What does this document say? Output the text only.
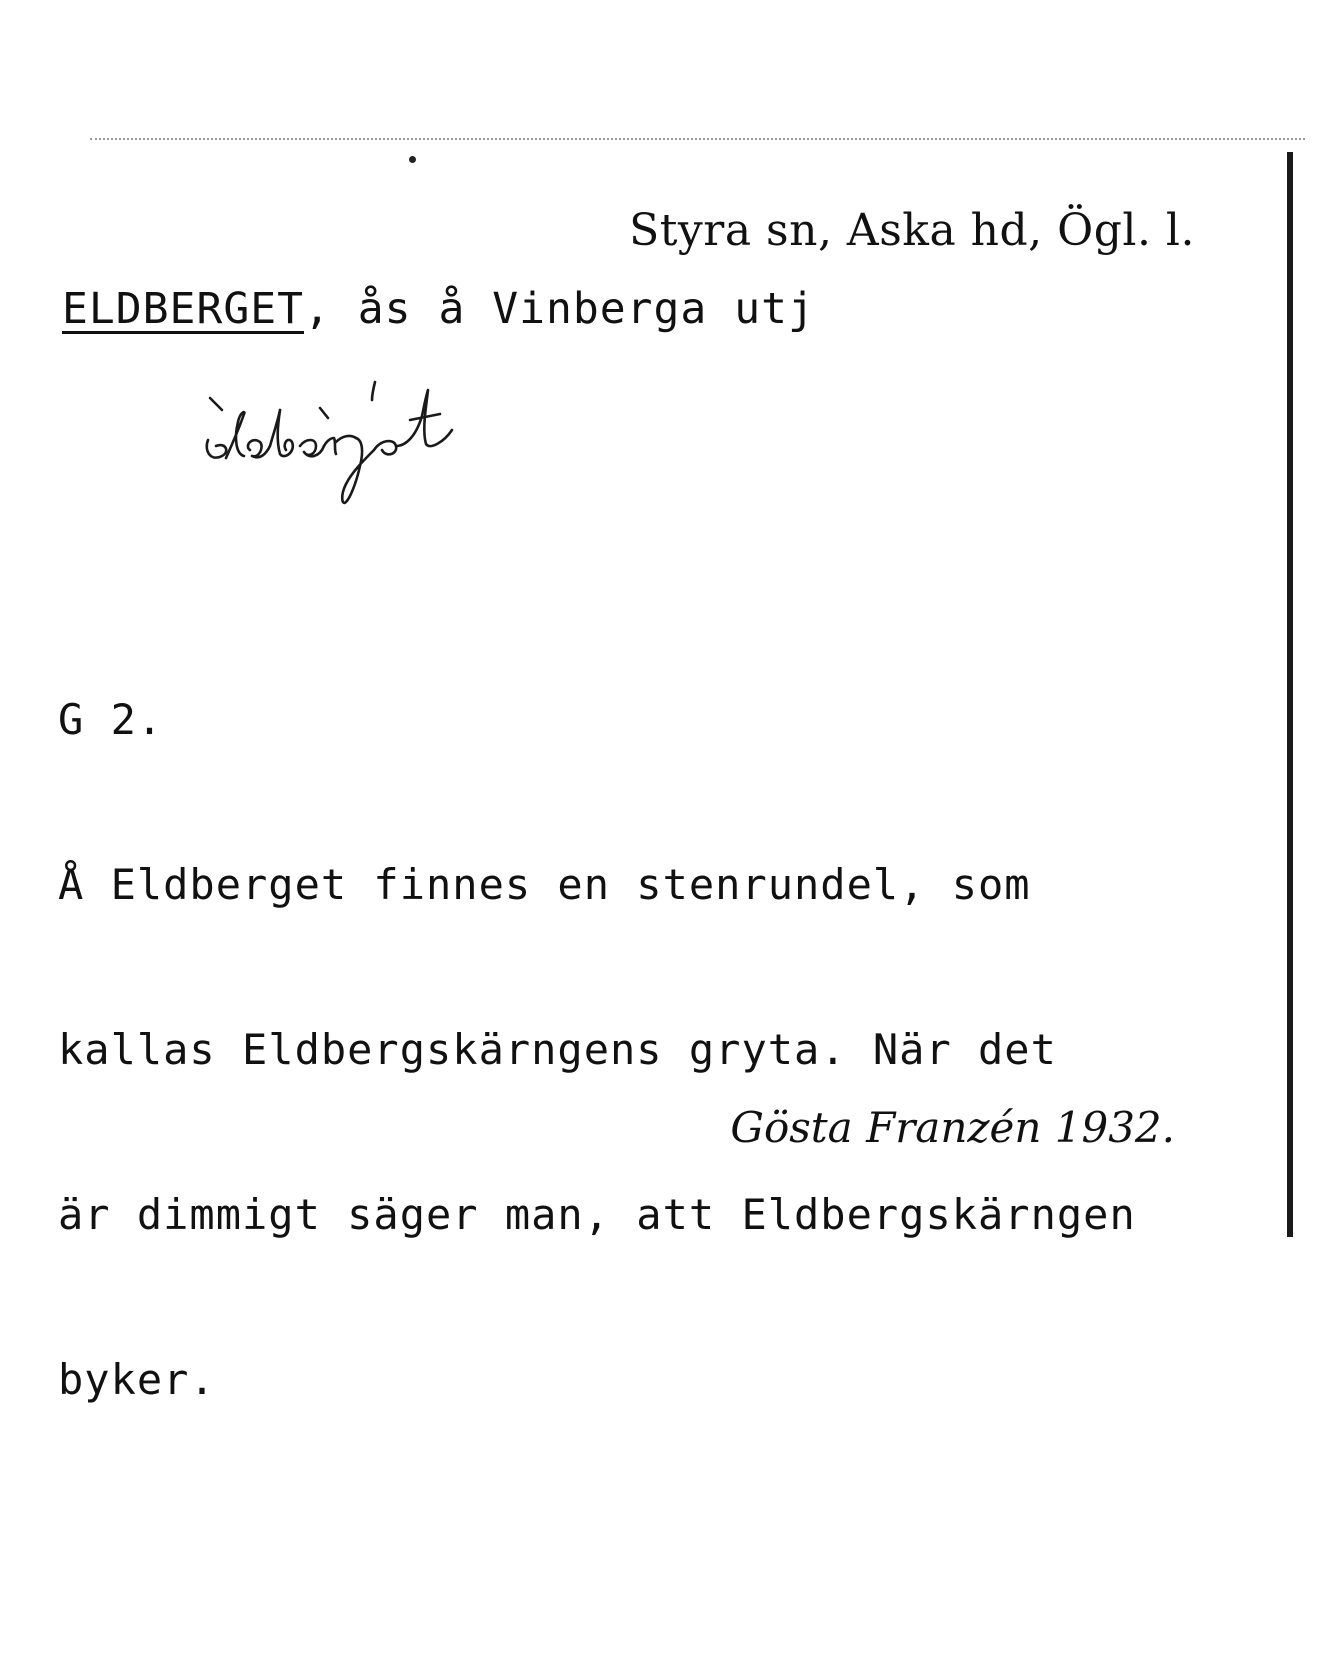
Styra sn, Aska hd, Ögl. l.
ELDBERGET, ås å Vinberga utj

G 2.

Å Eldberget finnes en stenrundel, som

kallas Eldbergskärngens gryta. När det

är dimmigt säger man, att Eldbergskärngen

byker.

Gösta Franzén 1932.
